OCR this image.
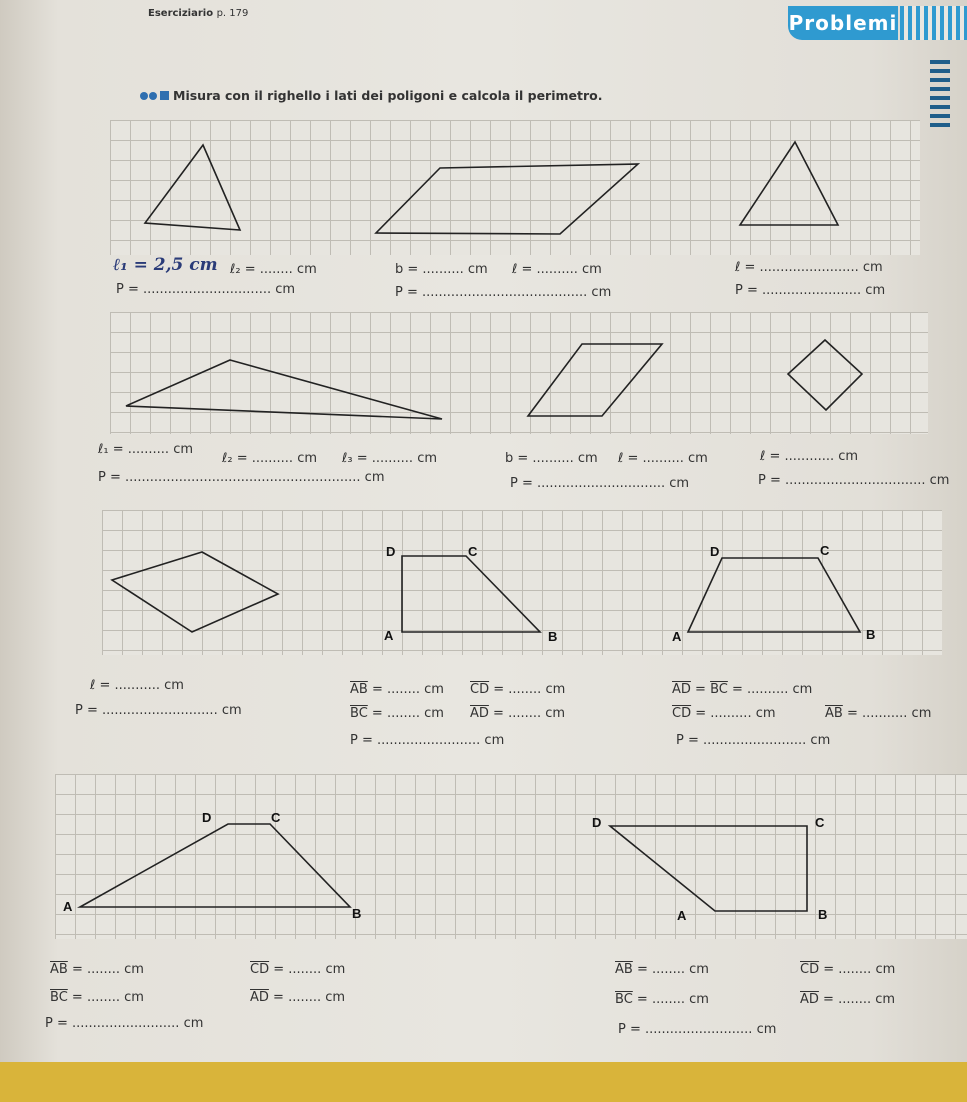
Eserciziario p. 179	Problemi
Misura con il righello i lati dei poligoni e calcola il perimetro.
ℓ₁ = 2,5 cm ℓ₂ = ........ cm
P = ............................... cm
b = .......... cm ℓ = .......... cm
P = ........................................ cm
ℓ = ........................ cm
P = ........................ cm
ℓ₁ = .......... cm
ℓ₂ = .......... cm ℓ₃ = .......... cm
P = ......................................................... cm
b = .......... cm ℓ = .......... cm
P = ............................... cm
ℓ = ............ cm
P = .................................. cm
D	C
A	B
D	C
A	B
ℓ = ........... cm
P = ............................ cm
$\overline{AB}$ = ........ cm $\overline{CD}$ = ........ cm
$\overline{BC}$ = ........ cm $\overline{AD}$ = ........ cm
P = ......................... cm
$\overline{AD} = \overline{BC}$ = .......... cm
$\overline{CD}$ = .......... cm	$\overline{AB}$ = ........... cm
P = ......................... cm
D	C
A	B
D	C
A	B
$\overline{AB}$ = ........ cm	$\overline{CD}$ = ........ cm
$\overline{BC}$ = ........ cm	$\overline{AD}$ = ........ cm
P = .......................... cm
$\overline{AB}$ = ........ cm	$\overline{CD}$ = ........ cm
$\overline{BC}$ = ........ cm	$\overline{AD}$ = ........ cm
P = .......................... cm
